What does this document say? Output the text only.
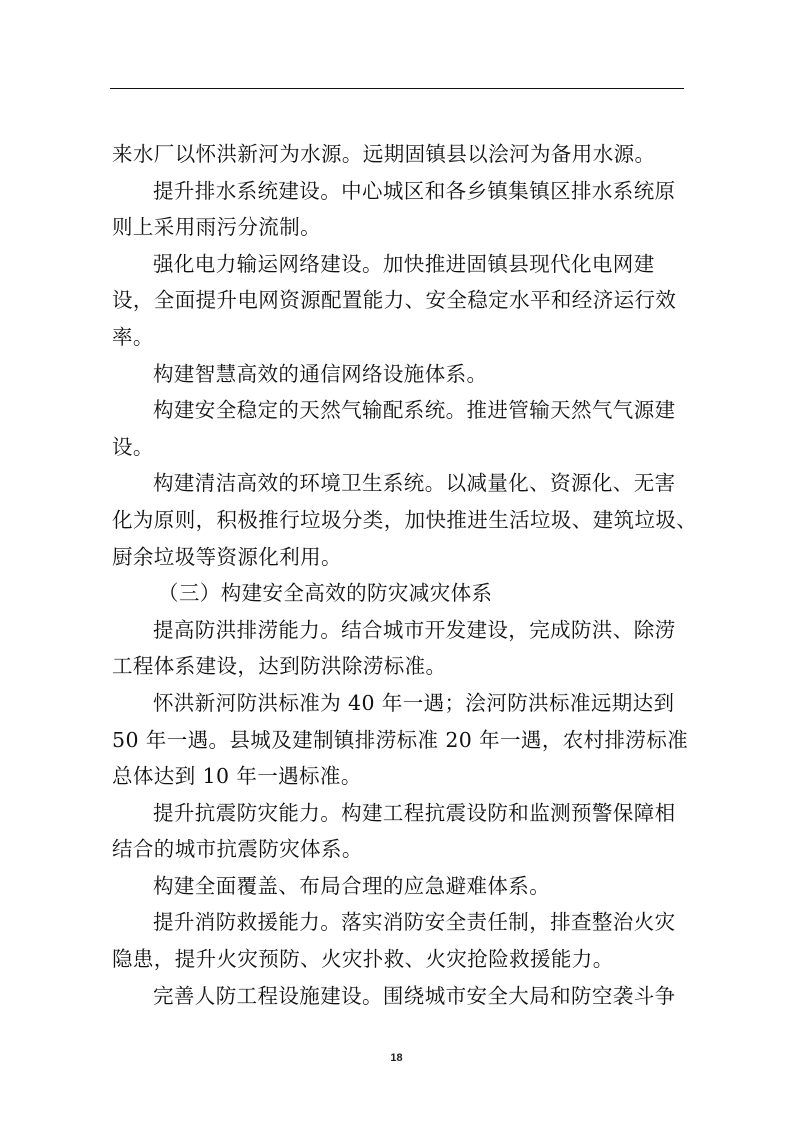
来水厂以怀洪新河为水源。远期固镇县以浍河为备用水源。
提升排水系统建设。中心城区和各乡镇集镇区排水系统原
则上采用雨污分流制。
强化电力输运网络建设。加快推进固镇县现代化电网建
设，全面提升电网资源配置能力、安全稳定水平和经济运行效
率。
构建智慧高效的通信网络设施体系。
构建安全稳定的天然气输配系统。推进管输天然气气源建
设。
构建清洁高效的环境卫生系统。以减量化、资源化、无害
化为原则，积极推行垃圾分类，加快推进生活垃圾、建筑垃圾、
厨余垃圾等资源化利用。
（三）构建安全高效的防灾减灾体系
提高防洪排涝能力。结合城市开发建设，完成防洪、除涝
工程体系建设，达到防洪除涝标准。
怀洪新河防洪标准为 40 年一遇；浍河防洪标准远期达到
50 年一遇。县城及建制镇排涝标准 20 年一遇，农村排涝标准
总体达到 10 年一遇标准。
提升抗震防灾能力。构建工程抗震设防和监测预警保障相
结合的城市抗震防灾体系。
构建全面覆盖、布局合理的应急避难体系。
提升消防救援能力。落实消防安全责任制，排查整治火灾
隐患，提升火灾预防、火灾扑救、火灾抢险救援能力。
完善人防工程设施建设。围绕城市安全大局和防空袭斗争
18
